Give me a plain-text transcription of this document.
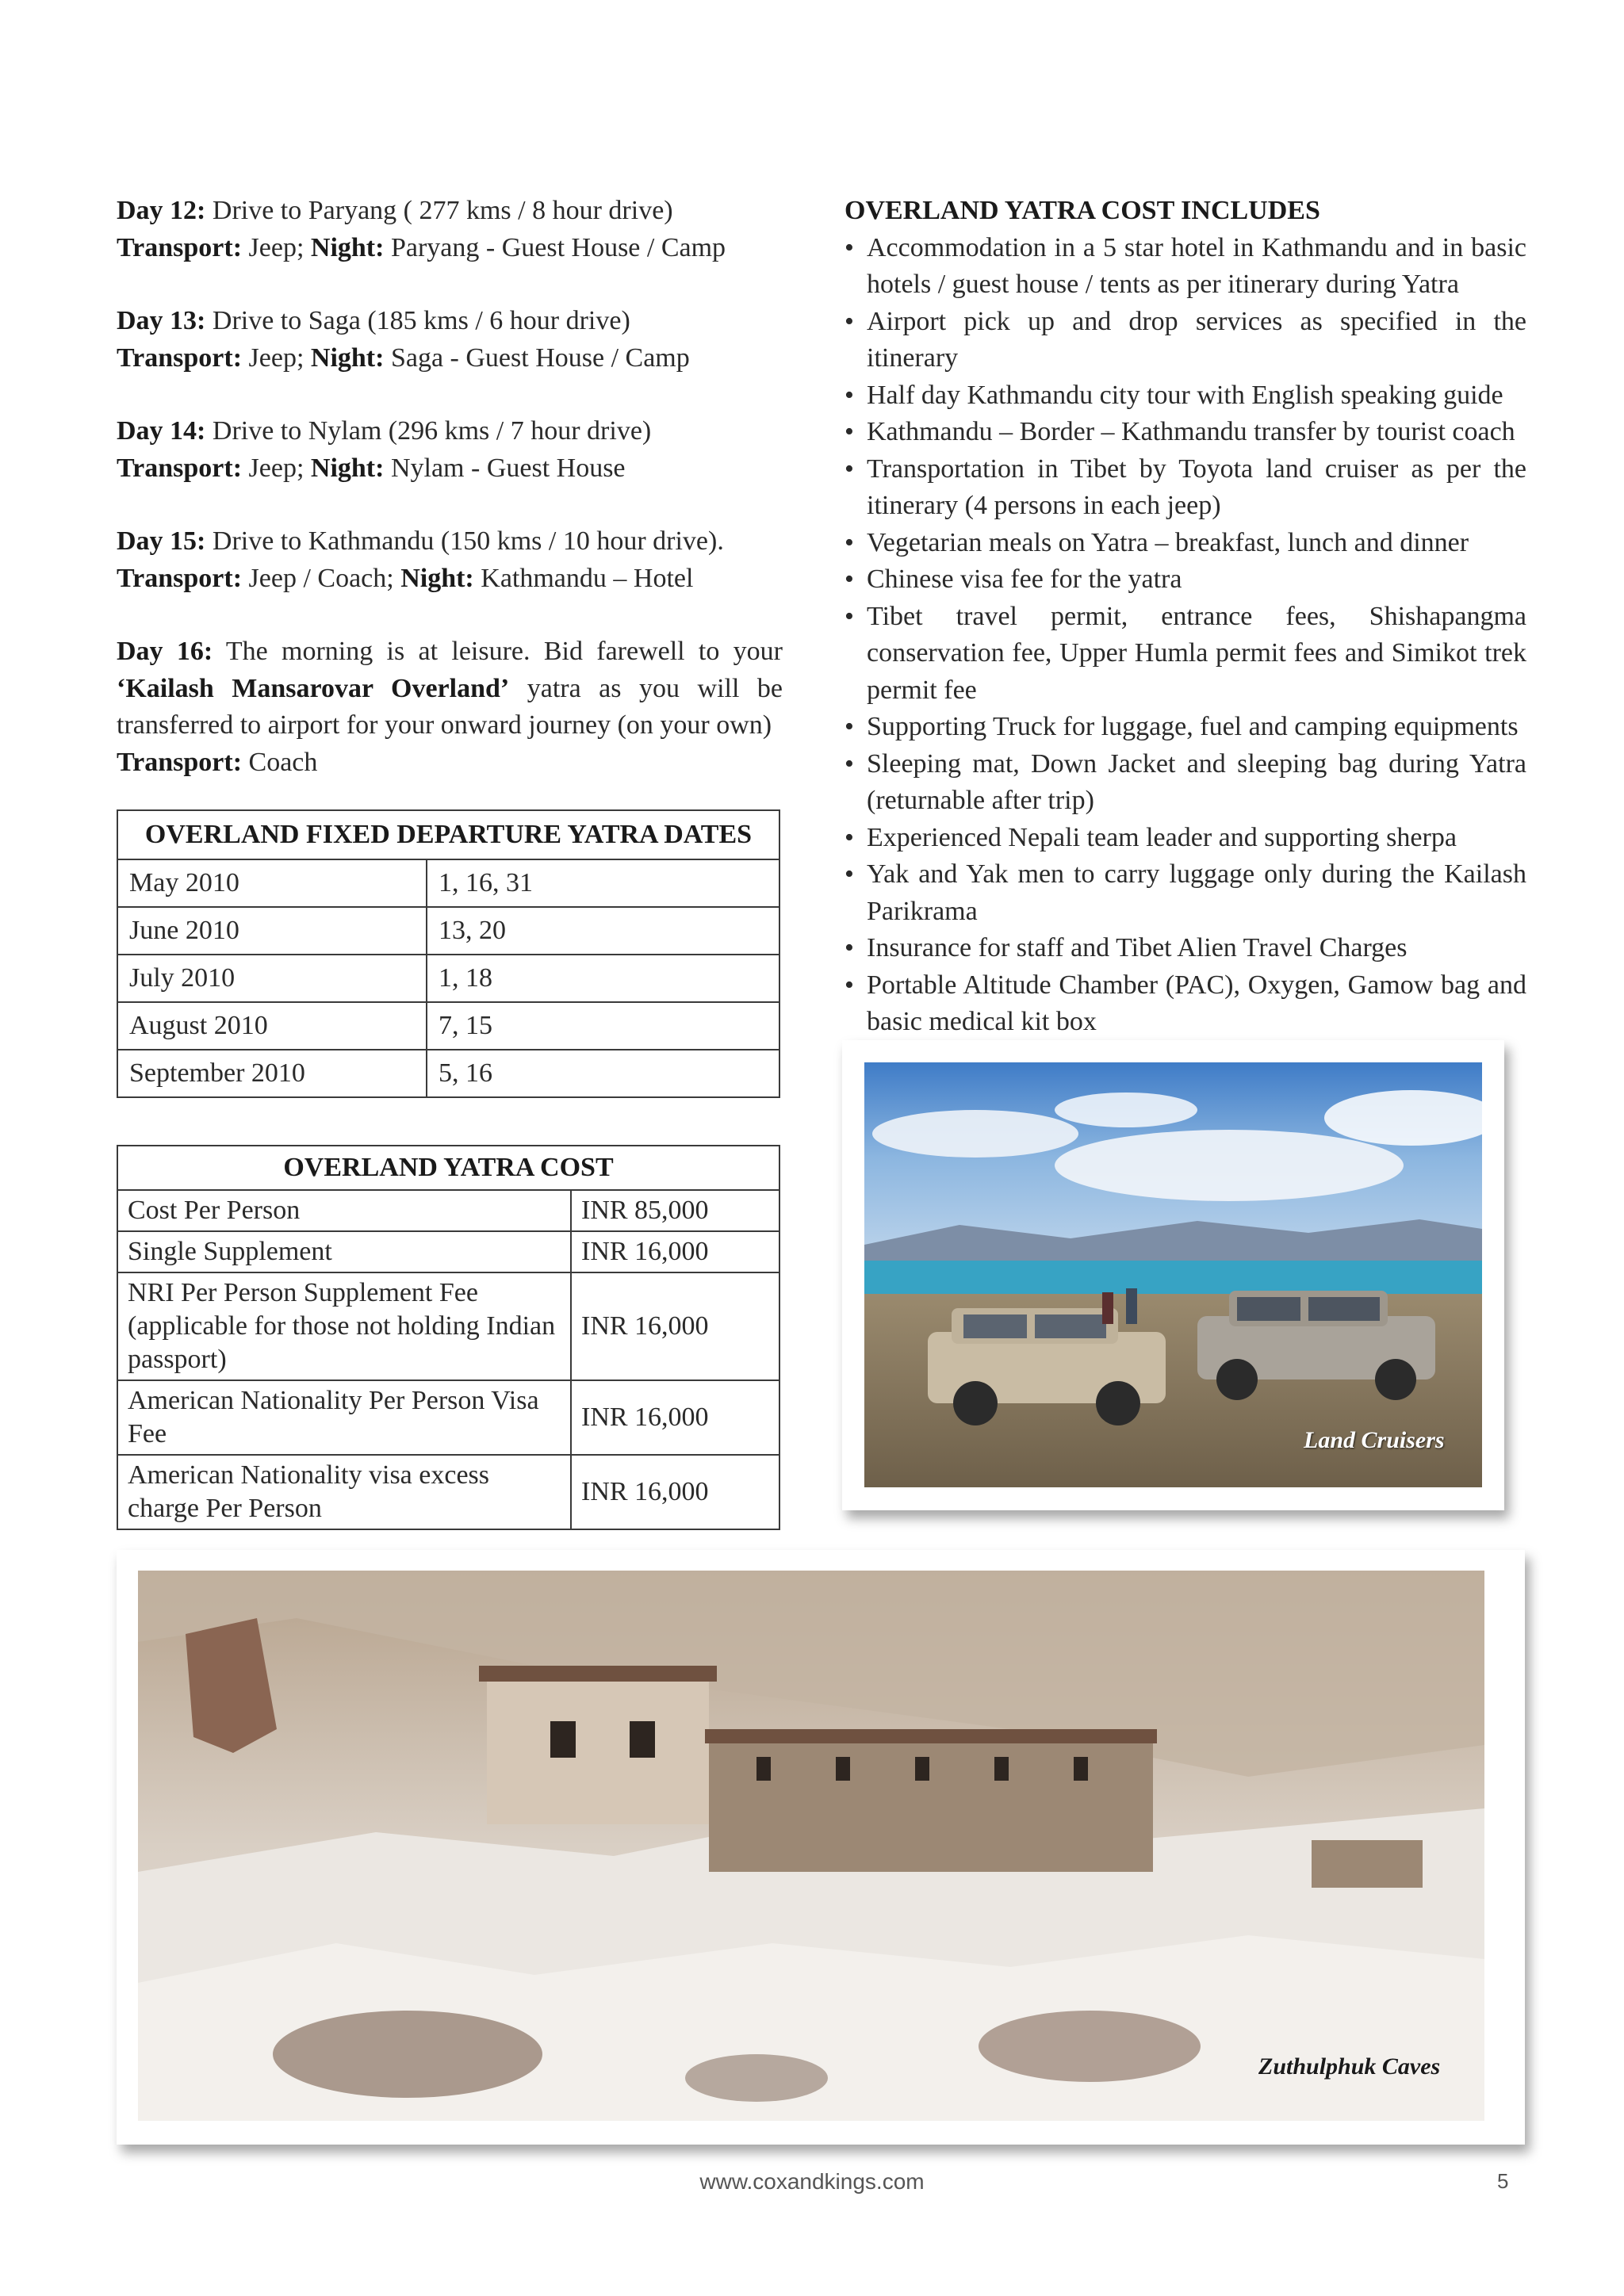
Day 12: Drive to Paryang ( 277 kms / 8 hour drive)

Transport: Jeep; Night: Paryang - Guest House / Camp

Day 13: Drive to Saga (185 kms / 6 hour drive)

Transport: Jeep; Night: Saga - Guest House / Camp

Day 14: Drive to Nylam (296 kms / 7 hour drive)

Transport: Jeep; Night: Nylam - Guest House

Day 15: Drive to Kathmandu (150 kms / 10 hour drive).

Transport: Jeep / Coach; Night: Kathmandu – Hotel

Day 16: The morning is at leisure. Bid farewell to your ‘Kailash Mansarovar Overland’ yatra as you will be transferred to airport for your onward journey (on your own)

Transport: Coach

OVERLAND FIXED DEPARTURE YATRA DATES	
May 2010	1, 16, 31
June 2010	13, 20
July 2010	1, 18
August 2010	7, 15
September 2010	5, 16
OVERLAND YATRA COST	
Cost Per Person	INR 85,000
Single Supplement	INR 16,000
NRI Per Person Supplement Fee (applicable for those not holding Indian passport)	INR 16,000
American Nationality Per Person Visa Fee	INR 16,000
American Nationality visa excess charge Per Person	INR 16,000

OVERLAND YATRA COST INCLUDES

• Accommodation in a 5 star hotel in Kathmandu and in basic hotels / guest house / tents as per itinerary during Yatra
• Airport pick up and drop services as specified in the itinerary
• Half day Kathmandu city tour with English speaking guide
• Kathmandu – Border – Kathmandu transfer by tourist coach
• Transportation in Tibet by Toyota land cruiser as per the itinerary (4 persons in each jeep)
• Vegetarian meals on Yatra – breakfast, lunch and dinner
• Chinese visa fee for the yatra
• Tibet travel permit, entrance fees, Shishapangma conservation fee, Upper Humla permit fees and Simikot trek permit fee
• Supporting Truck for luggage, fuel and camping equipments
• Sleeping mat, Down Jacket and sleeping bag during Yatra (returnable after trip)
• Experienced Nepali team leader and supporting sherpa
• Yak and Yak men to carry luggage only during the Kailash Parikrama
• Insurance for staff and Tibet Alien Travel Charges
• Portable Altitude Chamber (PAC), Oxygen, Gamow bag and basic medical kit box
•
Land Cruisers
Zuthulphuk Caves
www.coxandkings.com	5
